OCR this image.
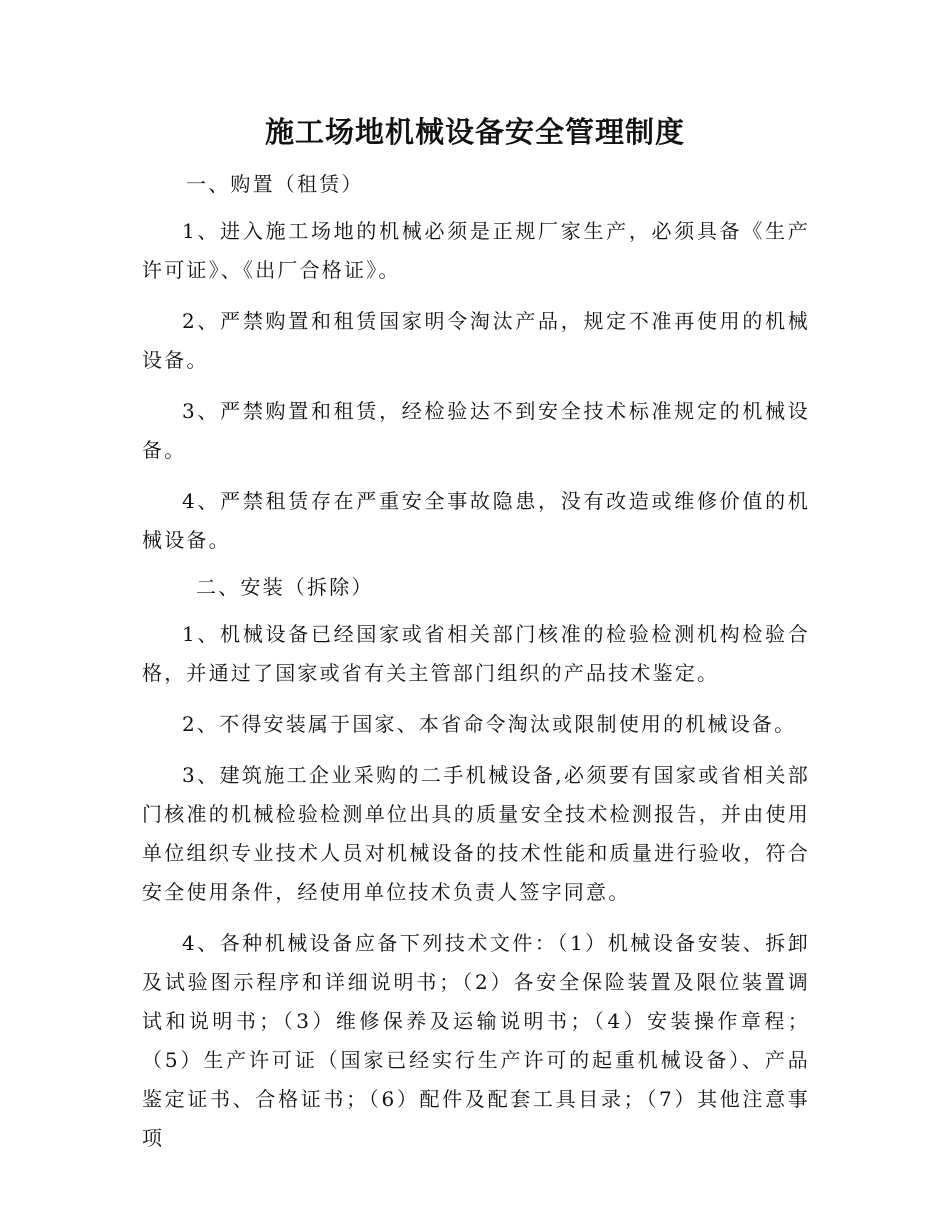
施工场地机械设备安全管理制度

一、购置（租赁）

1、进入施工场地的机械必须是正规厂家生产，必须具备《生产许可证》、《出厂合格证》。

2、严禁购置和租赁国家明令淘汰产品，规定不准再使用的机械设备。

3、严禁购置和租赁，经检验达不到安全技术标准规定的机械设备。

4、严禁租赁存在严重安全事故隐患，没有改造或维修价值的机械设备。

二、安装（拆除）

1、机械设备已经国家或省相关部门核准的检验检测机构检验合格，并通过了国家或省有关主管部门组织的产品技术鉴定。

2、不得安装属于国家、本省命令淘汰或限制使用的机械设备。

3、建筑施工企业采购的二手机械设备,必须要有国家或省相关部门核准的机械检验检测单位出具的质量安全技术检测报告，并由使用单位组织专业技术人员对机械设备的技术性能和质量进行验收，符合安全使用条件，经使用单位技术负责人签字同意。

4、各种机械设备应备下列技术文件：（1）机械设备安装、拆卸及试验图示程序和详细说明书；（2）各安全保险装置及限位装置调试和说明书；（3）维修保养及运输说明书；（4）安装操作章程；（5）生产许可证（国家已经实行生产许可的起重机械设备）、产品鉴定证书、合格证书；（6）配件及配套工具目录；（7）其他注意事项
